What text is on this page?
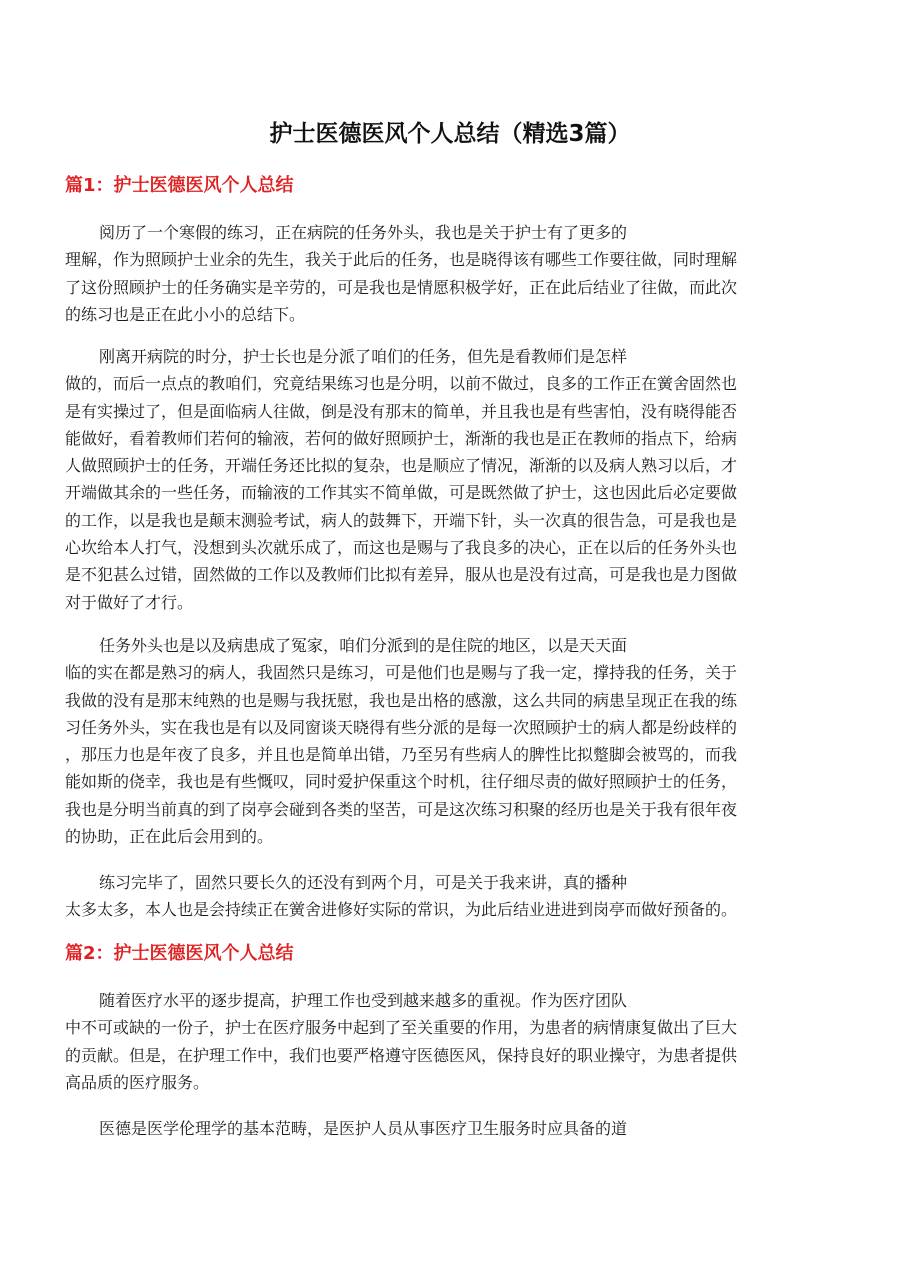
护士医德医风个人总结（精选3篇）
篇1：护士医德医风个人总结
阅历了一个寒假的练习，正在病院的任务外头，我也是关于护士有了更多的
理解，作为照顾护士业余的先生，我关于此后的任务，也是晓得该有哪些工作要往做，同时理解
了这份照顾护士的任务确实是辛劳的，可是我也是情愿积极学好，正在此后结业了往做，而此次
的练习也是正在此小小的总结下。
刚离开病院的时分，护士长也是分派了咱们的任务，但先是看教师们是怎样
做的，而后一点点的教咱们，究竟结果练习也是分明，以前不做过，良多的工作正在黉舍固然也
是有实操过了，但是面临病人往做，倒是没有那末的简单，并且我也是有些害怕，没有晓得能否
能做好，看着教师们若何的输液，若何的做好照顾护士，渐渐的我也是正在教师的指点下，给病
人做照顾护士的任务，开端任务还比拟的复杂，也是顺应了情况，渐渐的以及病人熟习以后，才
开端做其余的一些任务，而输液的工作其实不简单做，可是既然做了护士，这也因此后必定要做
的工作，以是我也是颠末测验考试，病人的鼓舞下，开端下针，头一次真的很告急，可是我也是
心坎给本人打气，没想到头次就乐成了，而这也是赐与了我良多的决心，正在以后的任务外头也
是不犯甚么过错，固然做的工作以及教师们比拟有差异，服从也是没有过高，可是我也是力图做
对于做好了才行。
任务外头也是以及病患成了冤家，咱们分派到的是住院的地区，以是天天面
临的实在都是熟习的病人，我固然只是练习，可是他们也是赐与了我一定，撑持我的任务，关于
我做的没有是那末纯熟的也是赐与我抚慰，我也是出格的感激，这么共同的病患呈现正在我的练
习任务外头，实在我也是有以及同窗谈天晓得有些分派的是每一次照顾护士的病人都是纷歧样的
，那压力也是年夜了良多，并且也是简单出错，乃至另有些病人的脾性比拟蹩脚会被骂的，而我
能如斯的侥幸，我也是有些慨叹，同时爱护保重这个时机，往仔细尽责的做好照顾护士的任务，
我也是分明当前真的到了岗亭会碰到各类的坚苦，可是这次练习积聚的经历也是关于我有很年夜
的协助，正在此后会用到的。
练习完毕了，固然只要长久的还没有到两个月，可是关于我来讲，真的播种
太多太多，本人也是会持续正在黉舍进修好实际的常识，为此后结业进进到岗亭而做好预备的。
篇2：护士医德医风个人总结
随着医疗水平的逐步提高，护理工作也受到越来越多的重视。作为医疗团队
中不可或缺的一份子，护士在医疗服务中起到了至关重要的作用，为患者的病情康复做出了巨大
的贡献。但是，在护理工作中，我们也要严格遵守医德医风，保持良好的职业操守，为患者提供
高品质的医疗服务。
医德是医学伦理学的基本范畴，是医护人员从事医疗卫生服务时应具备的道
